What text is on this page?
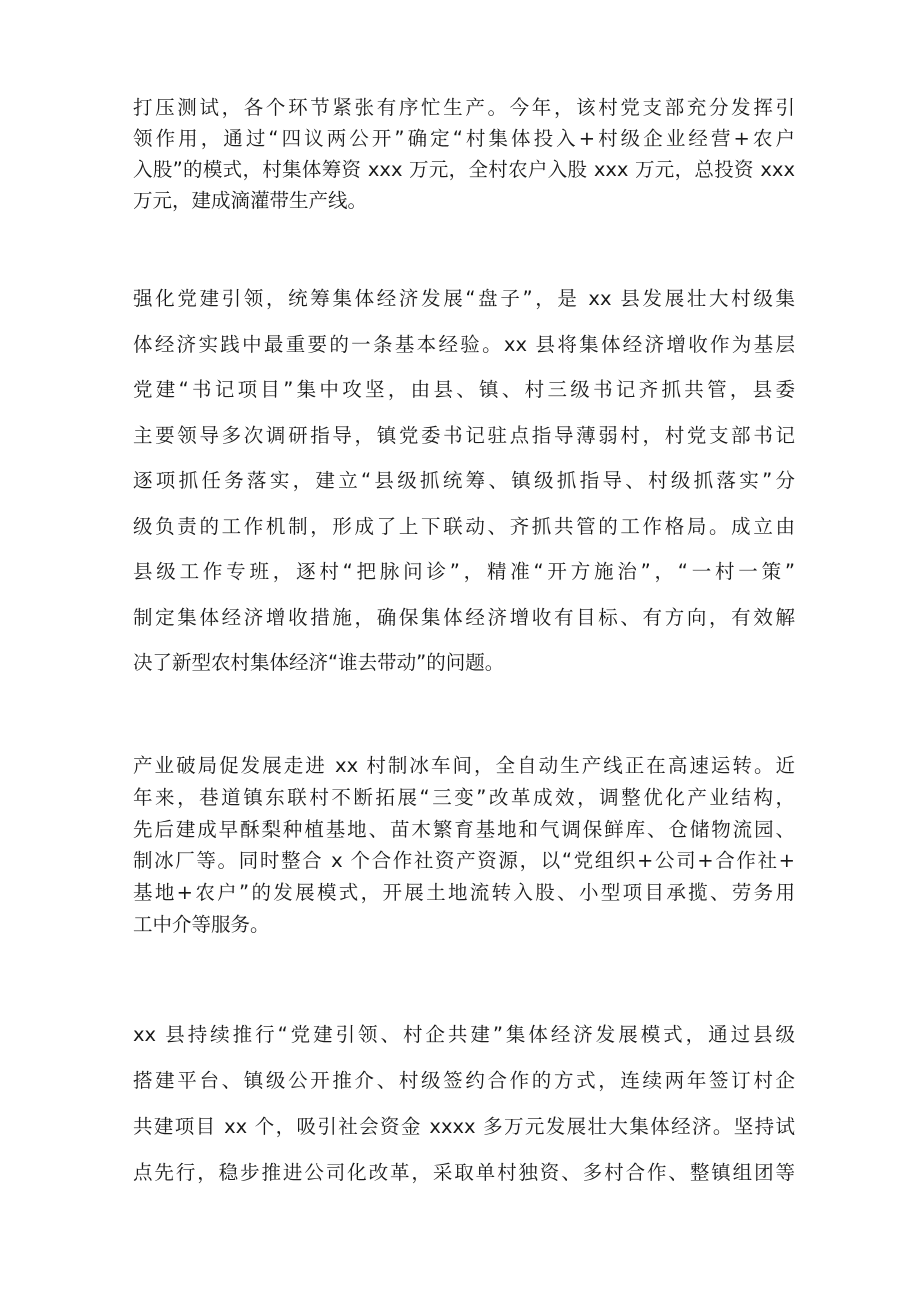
打压测试，各个环节紧张有序忙生产。今年，该村党支部充分发挥引
领作用，通过“四议两公开”确定“村集体投入+村级企业经营+农户
入股”的模式，村集体筹资 xxx 万元，全村农户入股 xxx 万元，总投资 xxx
万元，建成滴灌带生产线。
强化党建引领，统筹集体经济发展“盘子”，是 xx 县发展壮大村级集
体经济实践中最重要的一条基本经验。xx 县将集体经济增收作为基层
党建“书记项目”集中攻坚，由县、镇、村三级书记齐抓共管，县委
主要领导多次调研指导，镇党委书记驻点指导薄弱村，村党支部书记
逐项抓任务落实，建立“县级抓统筹、镇级抓指导、村级抓落实”分
级负责的工作机制，形成了上下联动、齐抓共管的工作格局。成立由
县级工作专班，逐村“把脉问诊”，精准“开方施治”，“一村一策”
制定集体经济增收措施，确保集体经济增收有目标、有方向，有效解
决了新型农村集体经济“谁去带动”的问题。
产业破局促发展走进 xx 村制冰车间，全自动生产线正在高速运转。近
年来，巷道镇东联村不断拓展“三变”改革成效，调整优化产业结构，
先后建成早酥梨种植基地、苗木繁育基地和气调保鲜库、仓储物流园、
制冰厂等。同时整合 x 个合作社资产资源，以“党组织+公司+合作社+
基地+农户”的发展模式，开展土地流转入股、小型项目承揽、劳务用
工中介等服务。
xx 县持续推行“党建引领、村企共建”集体经济发展模式，通过县级
搭建平台、镇级公开推介、村级签约合作的方式，连续两年签订村企
共建项目 xx 个，吸引社会资金 xxxx 多万元发展壮大集体经济。坚持试
点先行，稳步推进公司化改革，采取单村独资、多村合作、整镇组团等
